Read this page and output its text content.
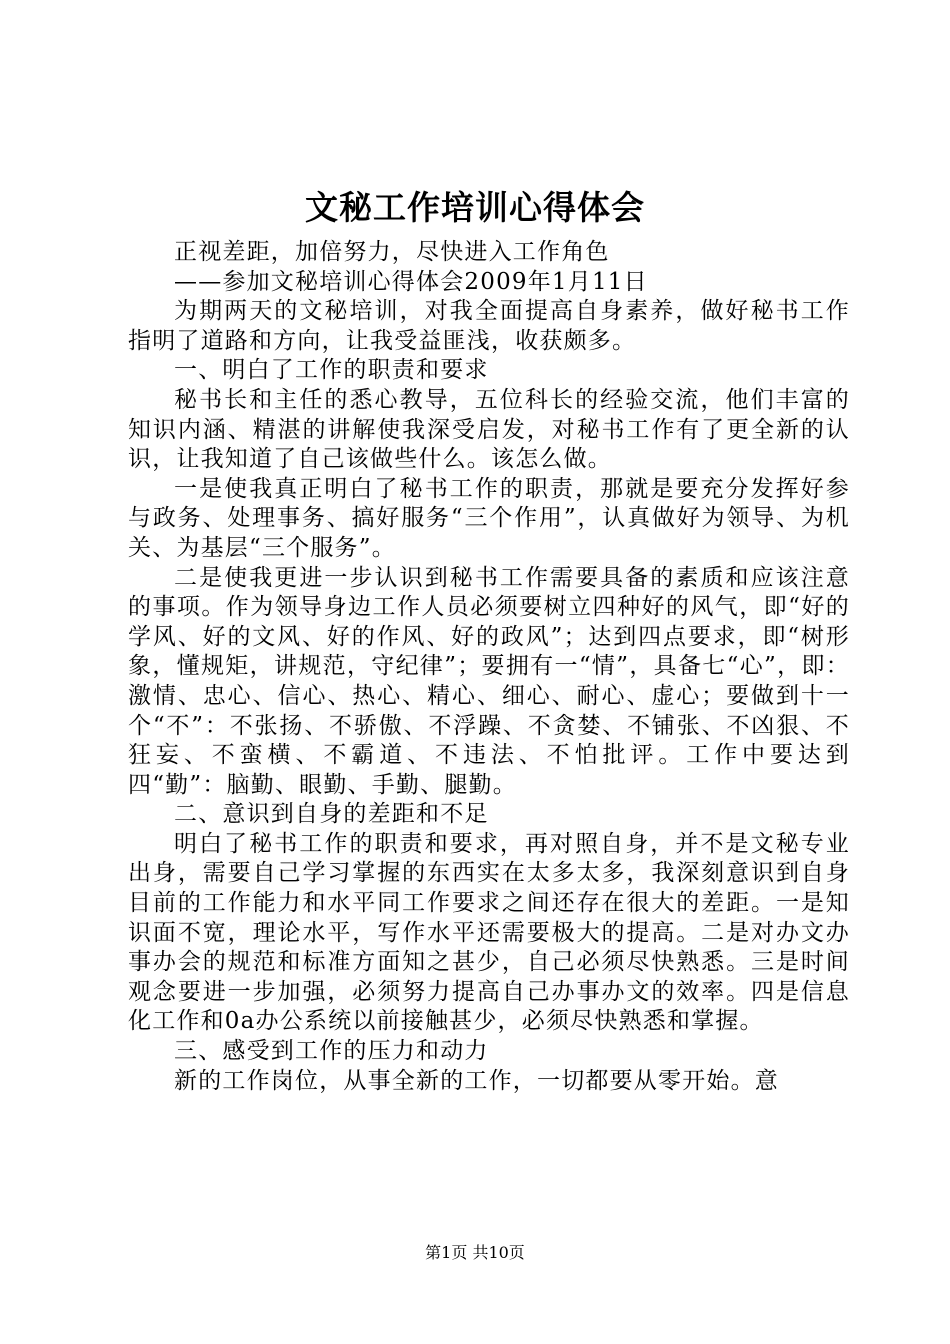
文秘工作培训心得体会

正视差距，加倍努力，尽快进入工作角色

——参加文秘培训心得体会2009年1月11日

为期两天的文秘培训，对我全面提高自身素养，做好秘书工作指明了道路和方向，让我受益匪浅，收获颇多。

一、明白了工作的职责和要求

秘书长和主任的悉心教导，五位科长的经验交流，他们丰富的知识内涵、精湛的讲解使我深受启发，对秘书工作有了更全新的认识，让我知道了自己该做些什么。该怎么做。

一是使我真正明白了秘书工作的职责，那就是要充分发挥好参与政务、处理事务、搞好服务“三个作用”，认真做好为领导、为机关、为基层“三个服务”。

二是使我更进一步认识到秘书工作需要具备的素质和应该注意的事项。作为领导身边工作人员必须要树立四种好的风气，即“好的学风、好的文风、好的作风、好的政风”；达到四点要求，即“树形象，懂规矩，讲规范，守纪律”；要拥有一“情”，具备七“心”，即：激情、忠心、信心、热心、精心、细心、耐心、虚心；要做到十一个“不”：不张扬、不骄傲、不浮躁、不贪婪、不铺张、不凶狠、不狂妄、不蛮横、不霸道、不违法、不怕批评。工作中要达到四“勤”：脑勤、眼勤、手勤、腿勤。

二、意识到自身的差距和不足

明白了秘书工作的职责和要求，再对照自身，并不是文秘专业出身，需要自己学习掌握的东西实在太多太多，我深刻意识到自身目前的工作能力和水平同工作要求之间还存在很大的差距。一是知识面不宽，理论水平，写作水平还需要极大的提高。二是对办文办事办会的规范和标准方面知之甚少，自己必须尽快熟悉。三是时间观念要进一步加强，必须努力提高自己办事办文的效率。四是信息化工作和0a办公系统以前接触甚少，必须尽快熟悉和掌握。

三、感受到工作的压力和动力

新的工作岗位，从事全新的工作，一切都要从零开始。意

第1页 共10页
